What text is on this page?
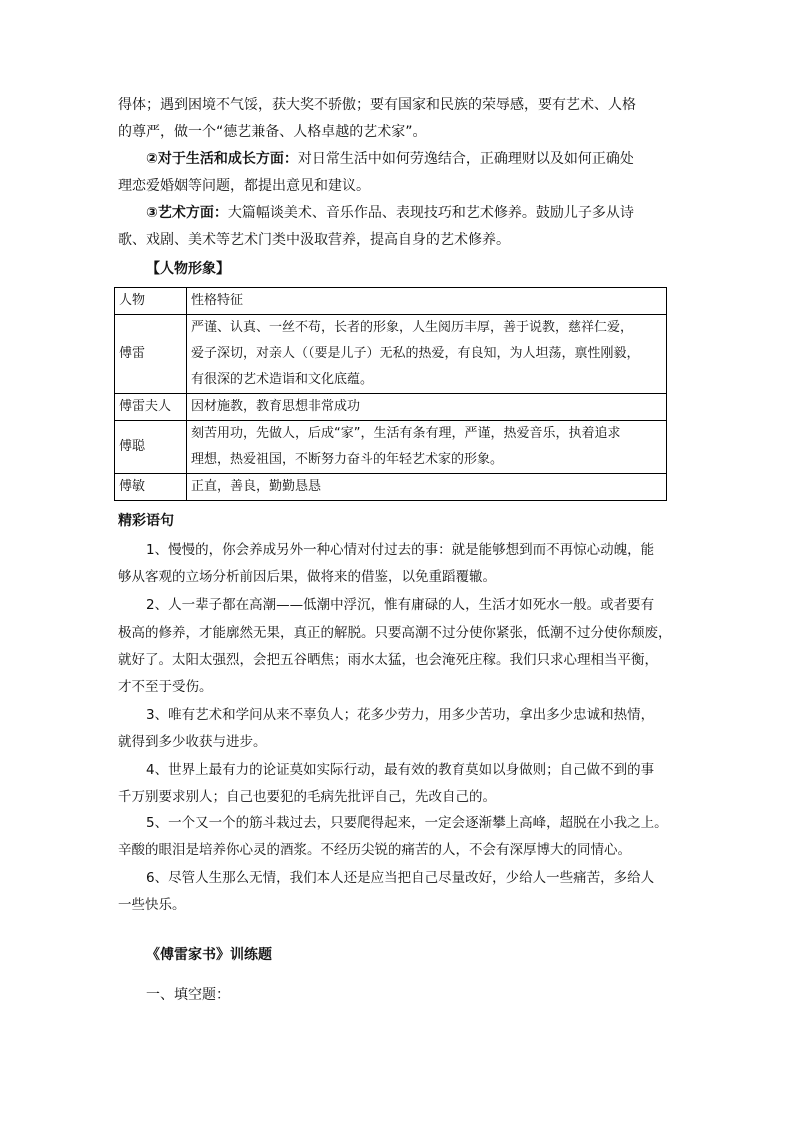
得体；遇到困境不气馁，获大奖不骄傲；要有国家和民族的荣辱感，要有艺术、人格
的尊严，做一个“德艺兼备、人格卓越的艺术家”。
②对于生活和成长方面：对日常生活中如何劳逸结合，正确理财以及如何正确处
理恋爱婚姻等问题，都提出意见和建议。
③艺术方面：大篇幅谈美术、音乐作品、表现技巧和艺术修养。鼓励儿子多从诗
歌、戏剧、美术等艺术门类中汲取营养，提高自身的艺术修养。
【人物形象】
人物	性格特征
傅雷	严谨、认真、一丝不苟，长者的形象，人生阅历丰厚，善于说教，慈祥仁爱，
爱子深切，对亲人（（要是儿子）无私的热爱，有良知，为人坦荡，禀性刚毅，
有很深的艺术造诣和文化底蕴。

傅雷夫人	因材施教，教育思想非常成功

傅聪	刻苦用功，先做人，后成“家”，生活有条有理，严谨，热爱音乐，执着追求
理想，热爱祖国，不断努力奋斗的年轻艺术家的形象。

傅敏	正直，善良，勤勤恳恳
精彩语句
1、慢慢的，你会养成另外一种心情对付过去的事：就是能够想到而不再惊心动魄，能
够从客观的立场分析前因后果，做将来的借鉴，以免重蹈覆辙。
2、人一辈子都在高潮——低潮中浮沉，惟有庸碌的人，生活才如死水一般。或者要有
极高的修养，才能廓然无果，真正的解脱。只要高潮不过分使你紧张，低潮不过分使你颓废，
就好了。太阳太强烈，会把五谷晒焦；雨水太猛，也会淹死庄稼。我们只求心理相当平衡，
才不至于受伤。
3、唯有艺术和学问从来不辜负人；花多少劳力，用多少苦功，拿出多少忠诚和热情，
就得到多少收获与进步。
4、世界上最有力的论证莫如实际行动，最有效的教育莫如以身做则；自己做不到的事
千万别要求别人；自己也要犯的毛病先批评自己，先改自己的。
5、一个又一个的筋斗栽过去，只要爬得起来，一定会逐渐攀上高峰，超脱在小我之上。
辛酸的眼泪是培养你心灵的酒浆。不经历尖锐的痛苦的人，不会有深厚博大的同情心。
6、尽管人生那么无情，我们本人还是应当把自己尽量改好，少给人一些痛苦，多给人
一些快乐。
《傅雷家书》训练题
一、填空题：
